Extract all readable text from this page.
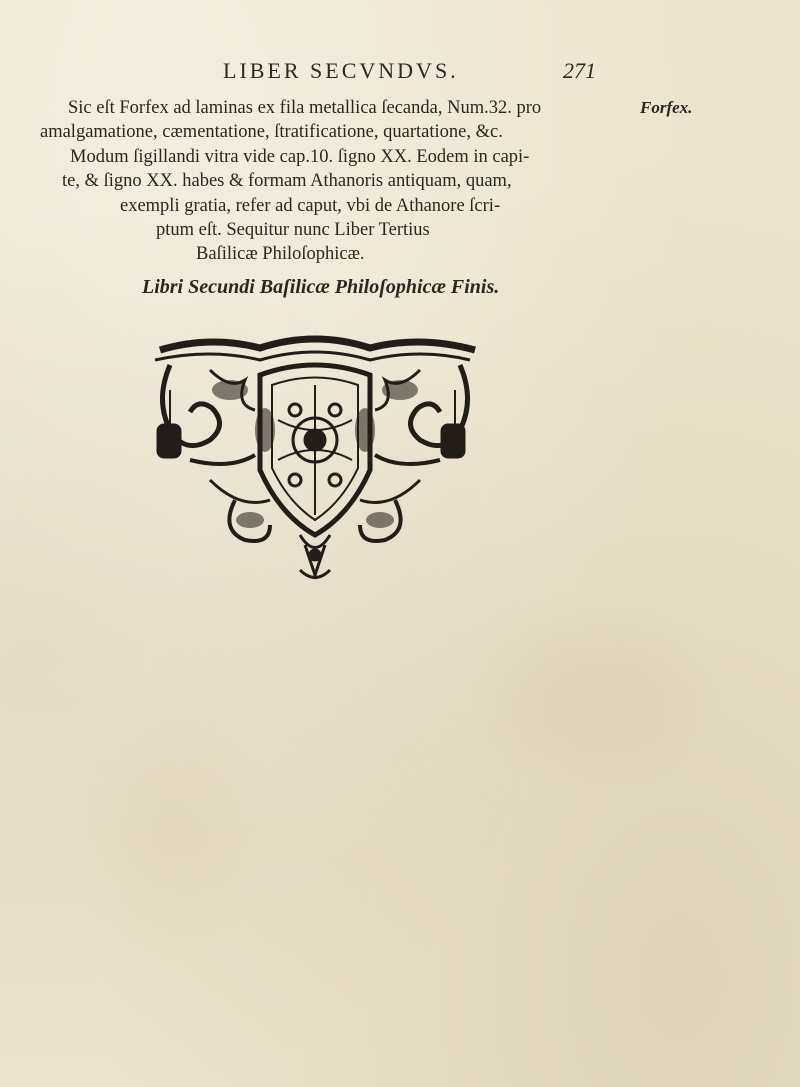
LIBER SECVNDVS.	271
Sic eſt Forfex ad laminas ex fila metallica ſecanda, Num.32. pro
amalgamatione, cæmentatione, ſtratificatione, quartatione, &c.
Modum ſigillandi vitra vide cap.10. ſigno XX. Eodem in capi-
te, & ſigno XX. habes & formam Athanoris antiquam, quam,
exempli gratia, refer ad caput, vbi de Athanore ſcri-
ptum eſt. Sequitur nunc Liber Tertius
Baſilicæ Philoſophicæ.
Forfex.
Libri Secundi Baſilicæ Philoſophicæ Finis.
